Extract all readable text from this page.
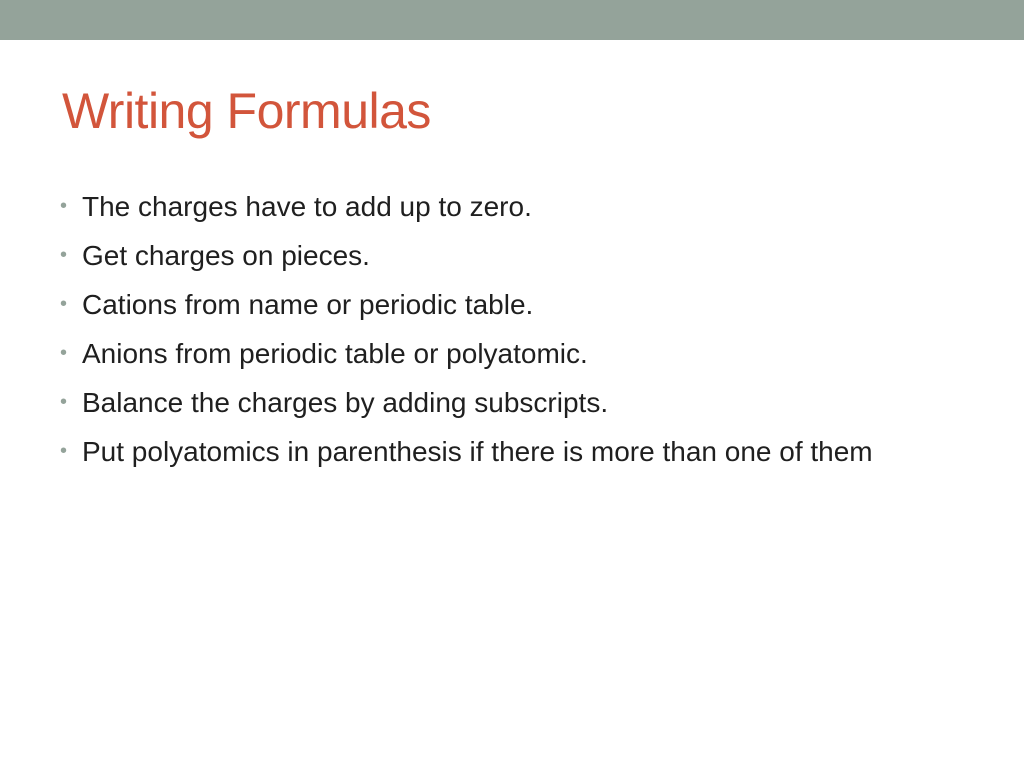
Writing Formulas
• The charges have to add up to zero.
• Get charges on pieces.
• Cations from name or periodic table.
• Anions from periodic table or polyatomic.
• Balance the charges by adding subscripts.
• Put polyatomics in parenthesis if there is more than one of them
